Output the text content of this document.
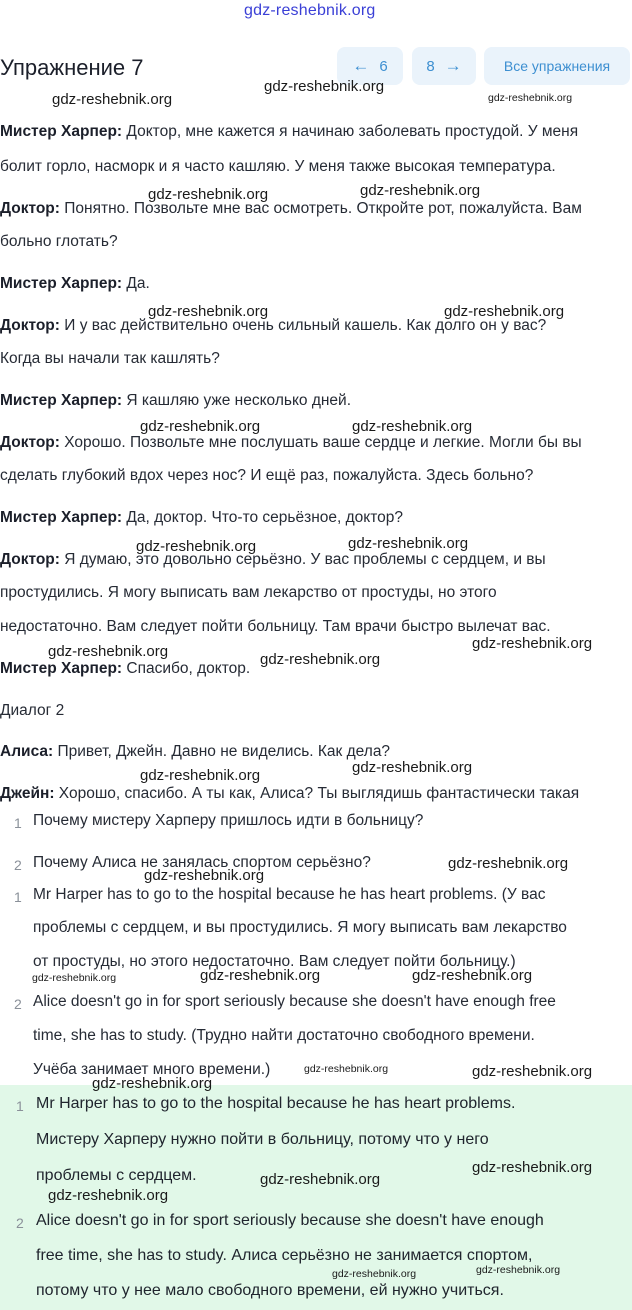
gdz-reshebnik.org
Упражнение 7	← 6	8 →	Все упражнения
Мистер Харпер: Доктор, мне кажется я начинаю заболевать простудой. У меня
болит горло, насморк и я часто кашляю. У меня также высокая температура.
Доктор: Понятно. Позвольте мне вас осмотреть. Откройте рот, пожалуйста. Вам
больно глотать?
Мистер Харпер: Да.
Доктор: И у вас действительно очень сильный кашель. Как долго он у вас?
Когда вы начали так кашлять?
Мистер Харпер: Я кашляю уже несколько дней.
Доктор: Хорошо. Позвольте мне послушать ваше сердце и легкие. Могли бы вы
сделать глубокий вдох через нос? И ещё раз, пожалуйста. Здесь больно?
Мистер Харпер: Да, доктор. Что-то серьёзное, доктор?
Доктор: Я думаю, это довольно серьёзно. У вас проблемы с сердцем, и вы
простудились. Я могу выписать вам лекарство от простуды, но этого
недостаточно. Вам следует пойти больницу. Там врачи быстро вылечат вас.
Мистер Харпер: Спасибо, доктор.
Диалог 2
Алиса: Привет, Джейн. Давно не виделись. Как дела?
Джейн: Хорошо, спасибо. А ты как, Алиса? Ты выглядишь фантастически такая
1 Почему мистеру Харперу пришлось идти в больницу?
2 Почему Алиса не занялась спортом серьёзно?
1 Mr Harper has to go to the hospital because he has heart problems. (У вас
проблемы с сердцем, и вы простудились. Я могу выписать вам лекарство
от простуды, но этого недостаточно. Вам следует пойти больницу.)
2 Alice doesn't go in for sport seriously because she doesn't have enough free
time, she has to study. (Трудно найти достаточно свободного времени.
Учёба занимает много времени.)
1 Mr Harper has to go to the hospital because he has heart problems.
Мистеру Харперу нужно пойти в больницу, потому что у него
проблемы с сердцем.
2 Alice doesn't go in for sport seriously because she doesn't have enough
free time, she has to study. Алиса серьёзно не занимается спортом,
потому что у нее мало свободного времени, ей нужно учиться.
gdz-reshebnik.org
gdz-reshebnik.org
gdz-reshebnik.org
gdz-reshebnik.org	gdz-reshebnik.org
gdz-reshebnik.org	gdz-reshebnik.org
gdz-reshebnik.org	gdz-reshebnik.org
gdz-reshebnik.org	gdz-reshebnik.org
gdz-reshebnik.org
gdz-reshebnik.org	gdz-reshebnik.org
gdz-reshebnik.org	gdz-reshebnik.org
gdz-reshebnik.org
gdz-reshebnik.org
gdz-reshebnik.org	gdz-reshebnik.org	gdz-reshebnik.org
gdz-reshebnik.org	gdz-reshebnik.org
gdz-reshebnik.org
gdz-reshebnik.org
gdz-reshebnik.org
gdz-reshebnik.org
gdz-reshebnik.org
gdz-reshebnik.org
